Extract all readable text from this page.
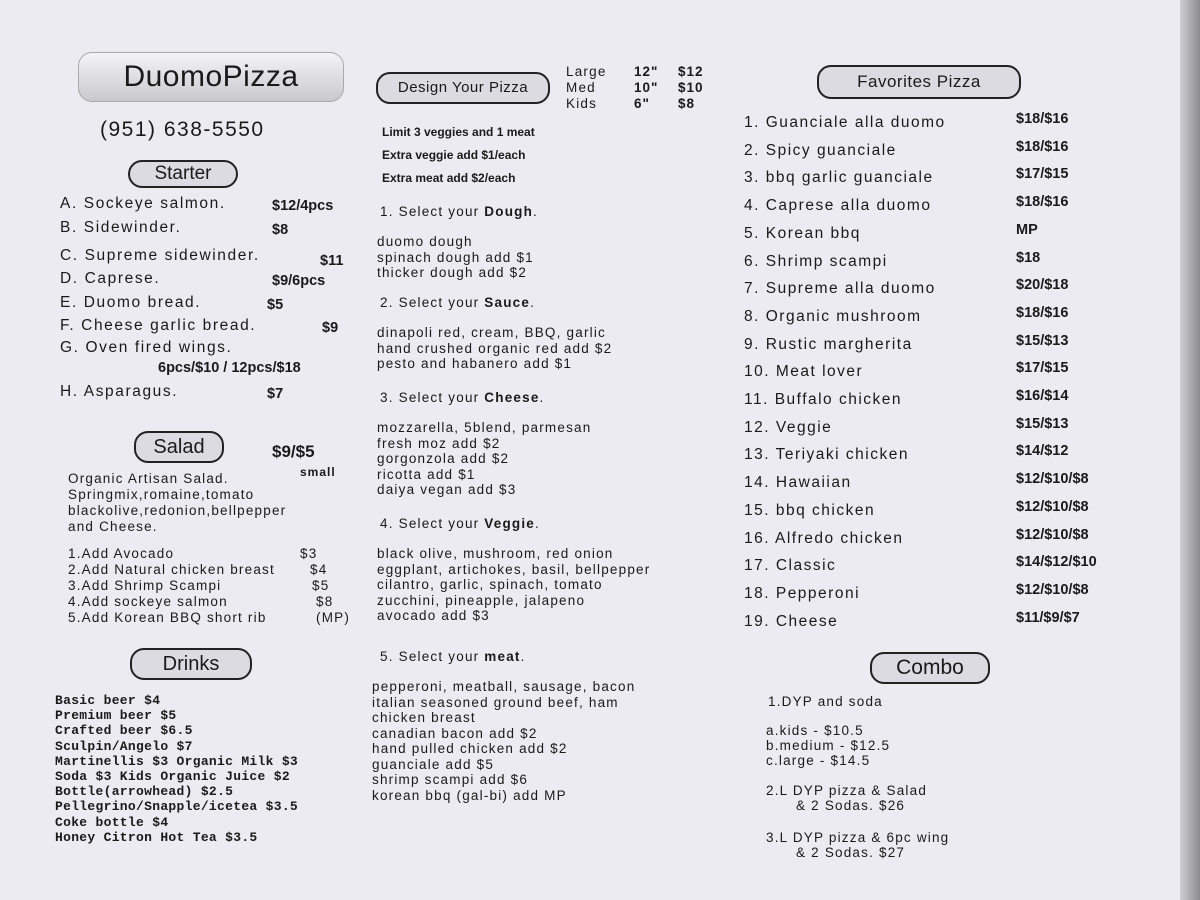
DuomoPizza
(951) 638-5550
Starter
A. Sockeye salmon.	$12/4pcs
B. Sidewinder.	$8
C. Supreme sidewinder.	$11
D. Caprese.	$9/6pcs
E. Duomo bread.	$5
F. Cheese garlic bread.	$9
G. Oven fired wings.
6pcs/$10 / 12pcs/$18
H. Asparagus.	$7
Salad	$9/$5
small
Organic Artisan Salad.
Springmix,romaine,tomato
blackolive,redonion,bellpepper
and Cheese.
1.Add Avocado	$3
2.Add Natural chicken breast	$4
3.Add Shrimp Scampi	$5
4.Add sockeye salmon	$8
5.Add Korean BBQ short rib	(MP)
Drinks
Basic beer $4
Premium beer $5
Crafted beer $6.5
Sculpin/Angelo $7
Martinellis $3 Organic Milk $3
Soda $3 Kids Organic Juice $2
Bottle(arrowhead) $2.5
Pellegrino/Snapple/icetea $3.5
Coke bottle $4
Honey Citron Hot Tea $3.5
Design Your Pizza
Large 12" $12
Med	10" $10
Kids	6" $8
Limit 3 veggies and 1 meat
Extra veggie add $1/each
Extra meat add $2/each
1. Select your Dough.
duomo dough
spinach dough add $1
thicker dough add $2
2. Select your Sauce.
dinapoli red, cream, BBQ, garlic
hand crushed organic red add $2
pesto and habanero add $1
3. Select your Cheese.
mozzarella, 5blend, parmesan
fresh moz add $2
gorgonzola add $2
ricotta add $1
daiya vegan add $3
4. Select your Veggie.
black olive, mushroom, red onion
eggplant, artichokes, basil, bellpepper
cilantro, garlic, spinach, tomato
zucchini, pineapple, jalapeno
avocado add $3
5. Select your meat.
pepperoni, meatball, sausage, bacon
italian seasoned ground beef, ham
chicken breast
canadian bacon add $2
hand pulled chicken add $2
guanciale add $5
shrimp scampi add $6
korean bbq (gal-bi) add MP
Favorites Pizza
1. Guanciale alla duomo	$18/$16
2. Spicy guanciale	$18/$16
3. bbq garlic guanciale	$17/$15
4. Caprese alla duomo	$18/$16
5. Korean bbq	MP
6. Shrimp scampi	$18
7. Supreme alla duomo	$20/$18
8. Organic mushroom	$18/$16
9. Rustic margherita	$15/$13
10. Meat lover	$17/$15
11. Buffalo chicken	$16/$14
12. Veggie	$15/$13
13. Teriyaki chicken	$14/$12
14. Hawaiian	$12/$10/$8
15. bbq chicken	$12/$10/$8
16. Alfredo chicken	$12/$10/$8
17. Classic	$14/$12/$10
18. Pepperoni	$12/$10/$8
19. Cheese	$11/$9/$7
Combo
1.DYP and soda
a.kids - $10.5
b.medium - $12.5
c.large - $14.5
2.L DYP pizza & Salad
& 2 Sodas. $26
3.L DYP pizza & 6pc wing
& 2 Sodas. $27
